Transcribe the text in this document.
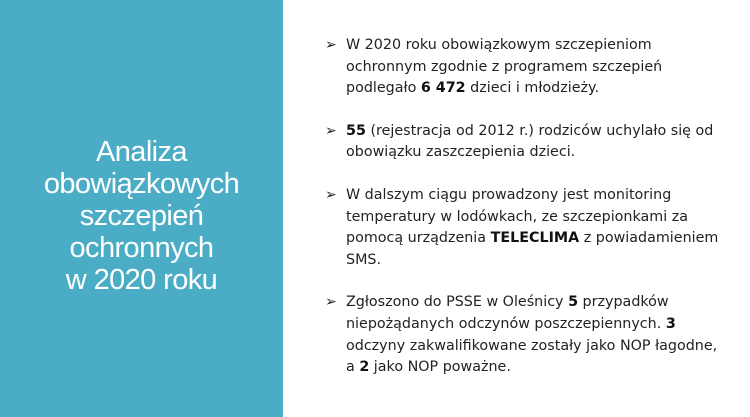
Analiza
obowiązkowych
szczepień
ochronnych
w 2020 roku
➢ W 2020 roku obowiązkowym szczepieniom ochronnym zgodnie z programem szczepień podlegało 6 472 dzieci i młodzieży.
➢ 55 (rejestracja od 2012 r.) rodziców uchylało się od obowiązku zaszczepienia dzieci.
➢ W dalszym ciągu prowadzony jest monitoring temperatury w lodówkach, ze szczepionkami za pomocą urządzenia TELECLIMA z powiadamieniem SMS.
➢ Zgłoszono do PSSE w Oleśnicy 5 przypadków niepożądanych odczynów poszczepiennych. 3 odczyny zakwalifikowane zostały jako NOP łagodne, a 2 jako NOP poważne.
